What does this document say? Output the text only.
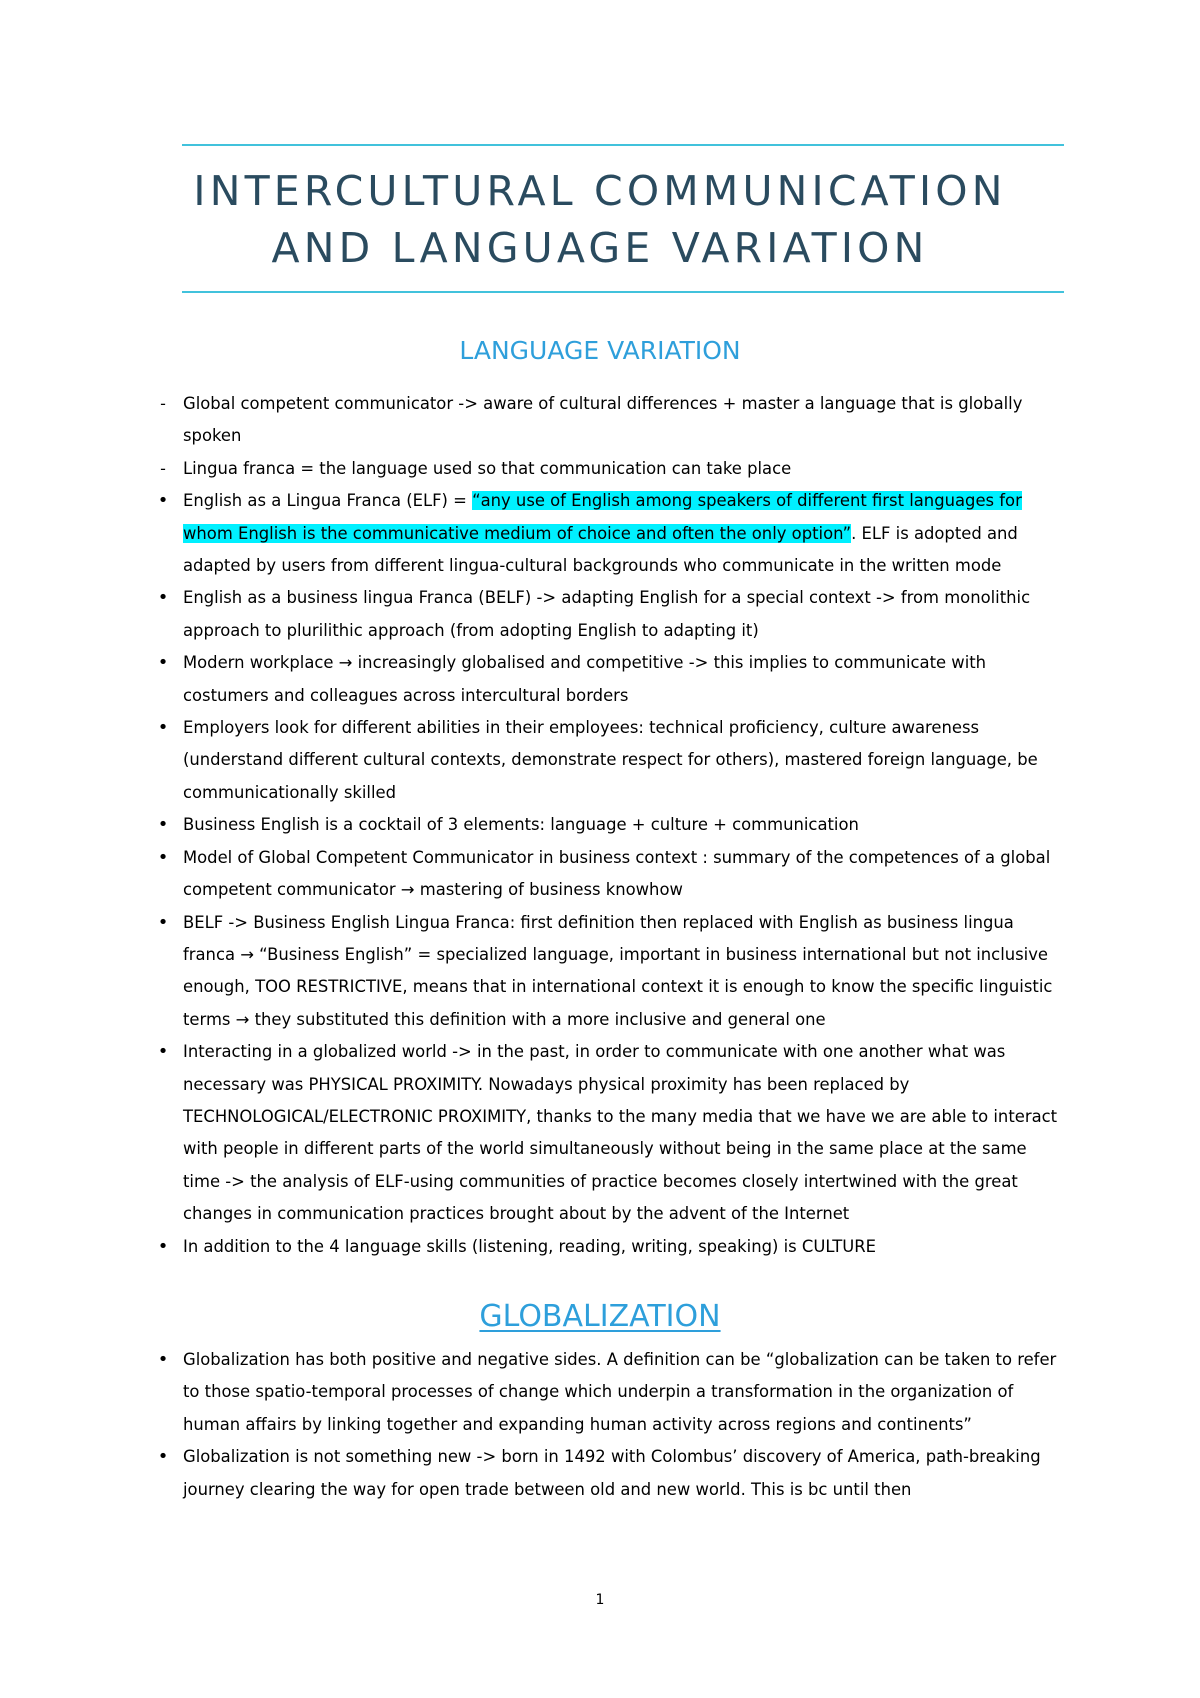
INTERCULTURAL COMMUNICATION
AND LANGUAGE VARIATION
LANGUAGE VARIATION
- Global competent communicator -> aware of cultural differences + master a language that is globally spoken
- Lingua franca = the language used so that communication can take place
• English as a Lingua Franca (ELF) = “any use of English among speakers of different first languages for whom English is the communicative medium of choice and often the only option”. ELF is adopted and adapted by users from different lingua-cultural backgrounds who communicate in the written mode
• English as a business lingua Franca (BELF) -> adapting English for a special context -> from monolithic approach to plurilithic approach (from adopting English to adapting it)
• Modern workplace → increasingly globalised and competitive -> this implies to communicate with costumers and colleagues across intercultural borders
• Employers look for different abilities in their employees: technical proficiency, culture awareness (understand different cultural contexts, demonstrate respect for others), mastered foreign language, be communicationally skilled
• Business English is a cocktail of 3 elements: language + culture + communication
• Model of Global Competent Communicator in business context : summary of the competences of a global competent communicator → mastering of business knowhow
• BELF -> Business English Lingua Franca: first definition then replaced with English as business lingua franca → “Business English” = specialized language, important in business international but not inclusive enough, TOO RESTRICTIVE, means that in international context it is enough to know the specific linguistic terms → they substituted this definition with a more inclusive and general one
• Interacting in a globalized world -> in the past, in order to communicate with one another what was necessary was PHYSICAL PROXIMITY. Nowadays physical proximity has been replaced by TECHNOLOGICAL/ELECTRONIC PROXIMITY, thanks to the many media that we have we are able to interact with people in different parts of the world simultaneously without being in the same place at the same time -> the analysis of ELF-using communities of practice becomes closely intertwined with the great changes in communication practices brought about by the advent of the Internet
• In addition to the 4 language skills (listening, reading, writing, speaking) is CULTURE
GLOBALIZATION
• Globalization has both positive and negative sides. A definition can be “globalization can be taken to refer to those spatio-temporal processes of change which underpin a transformation in the organization of human affairs by linking together and expanding human activity across regions and continents”
• Globalization is not something new -> born in 1492 with Colombus’ discovery of America, path-breaking journey clearing the way for open trade between old and new world. This is bc until then
1
